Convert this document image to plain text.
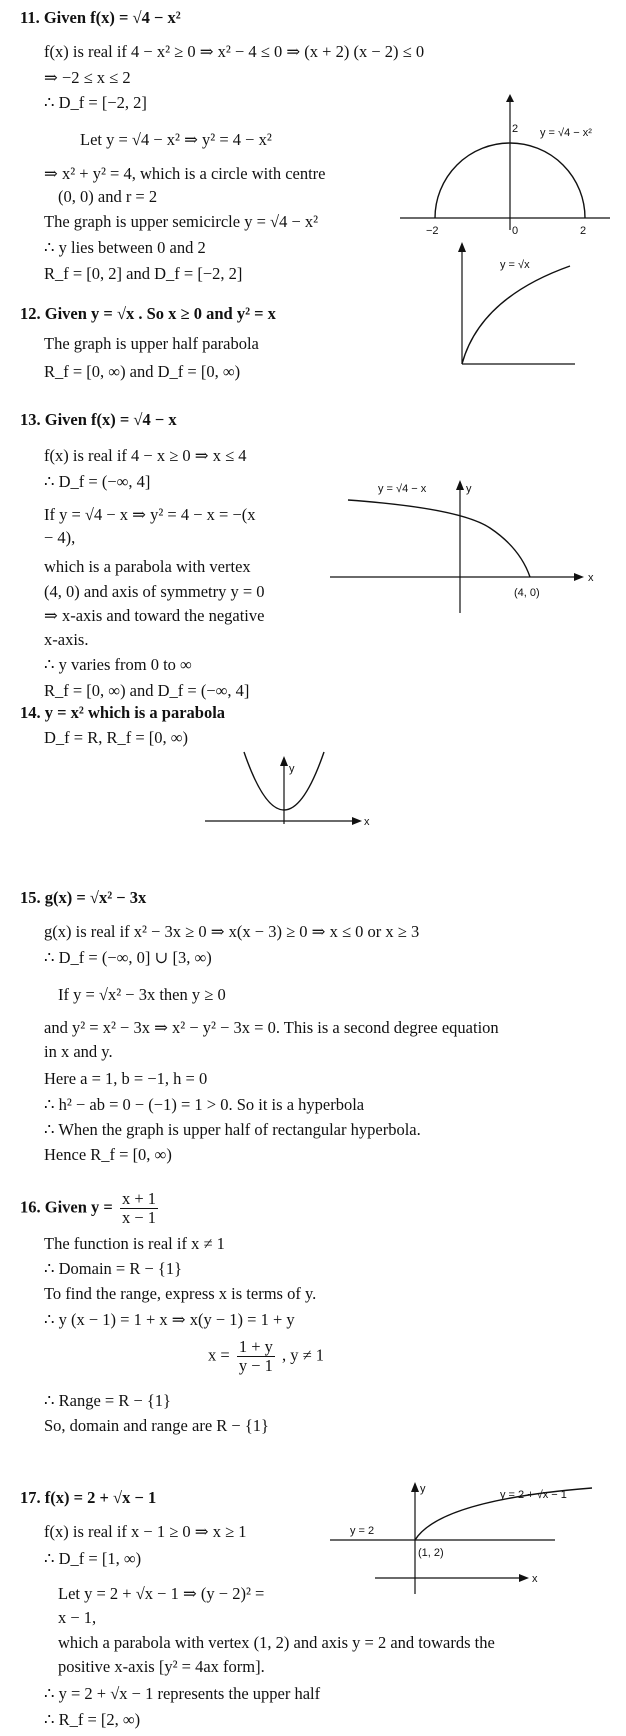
11. Given f(x) = √4 − x²
f(x) is real if 4 − x² ≥ 0 ⇒ x² − 4 ≤ 0 ⇒ (x + 2) (x − 2) ≤ 0
⇒ −2 ≤ x ≤ 2
∴ D_f = [−2, 2]
Let y = √4 − x² ⇒ y² = 4 − x²
⇒ x² + y² = 4, which is a circle with centre
(0, 0) and r = 2
The graph is upper semicircle y = √4 − x²
∴ y lies between 0 and 2
R_f = [0, 2] and D_f = [−2, 2]
2 y = √4 − x²
−2	0	2
12. Given y = √x . So x ≥ 0 and y² = x
The graph is upper half parabola
R_f = [0, ∞) and D_f = [0, ∞)
y = √x
13. Given f(x) = √4 − x
f(x) is real if 4 − x ≥ 0 ⇒ x ≤ 4
∴ D_f = (−∞, 4]
If y = √4 − x ⇒ y² = 4 − x = −(x
− 4),
which is a parabola with vertex
(4, 0) and axis of symmetry y = 0
⇒ x-axis and toward the negative
x-axis.
∴ y varies from 0 to ∞
R_f = [0, ∞) and D_f = (−∞, 4]
y = √4 − x	y
x
(4, 0)
14. y = x² which is a parabola
D_f = R, R_f = [0, ∞)
y
x
15. g(x) = √x² − 3x
g(x) is real if x² − 3x ≥ 0 ⇒ x(x − 3) ≥ 0 ⇒ x ≤ 0 or x ≥ 3
∴ D_f = (−∞, 0] ∪ [3, ∞)
If y = √x² − 3x then y ≥ 0
and y² = x² − 3x ⇒ x² − y² − 3x = 0. This is a second degree equation
in x and y.
Here a = 1, b = −1, h = 0
∴ h² − ab = 0 − (−1) = 1 > 0. So it is a hyperbola
∴ When the graph is upper half of rectangular hyperbola.
Hence R_f = [0, ∞)
16. Given $y = \frac{x + 1}{x - 1}$
The function is real if x ≠ 1
∴ Domain = R − {1}
To find the range, express x is terms of y.
∴ y (x − 1) = 1 + x ⇒ x(y − 1) = 1 + y
$x = \frac{1 + y}{y - 1}$ , y ≠ 1
∴ Range = R − {1}
So, domain and range are R − {1}
17. f(x) = 2 + √x − 1
f(x) is real if x − 1 ≥ 0 ⇒ x ≥ 1
∴ D_f = [1, ∞)
Let y = 2 + √x − 1 ⇒ (y − 2)² =
x − 1,
which a parabola with vertex (1, 2) and axis y = 2 and towards the
positive x-axis [y² = 4ax form].
∴ y = 2 + √x − 1 represents the upper half
∴ R_f = [2, ∞)
y
x
y = 2
(1, 2)
y = 2 + √x − 1
